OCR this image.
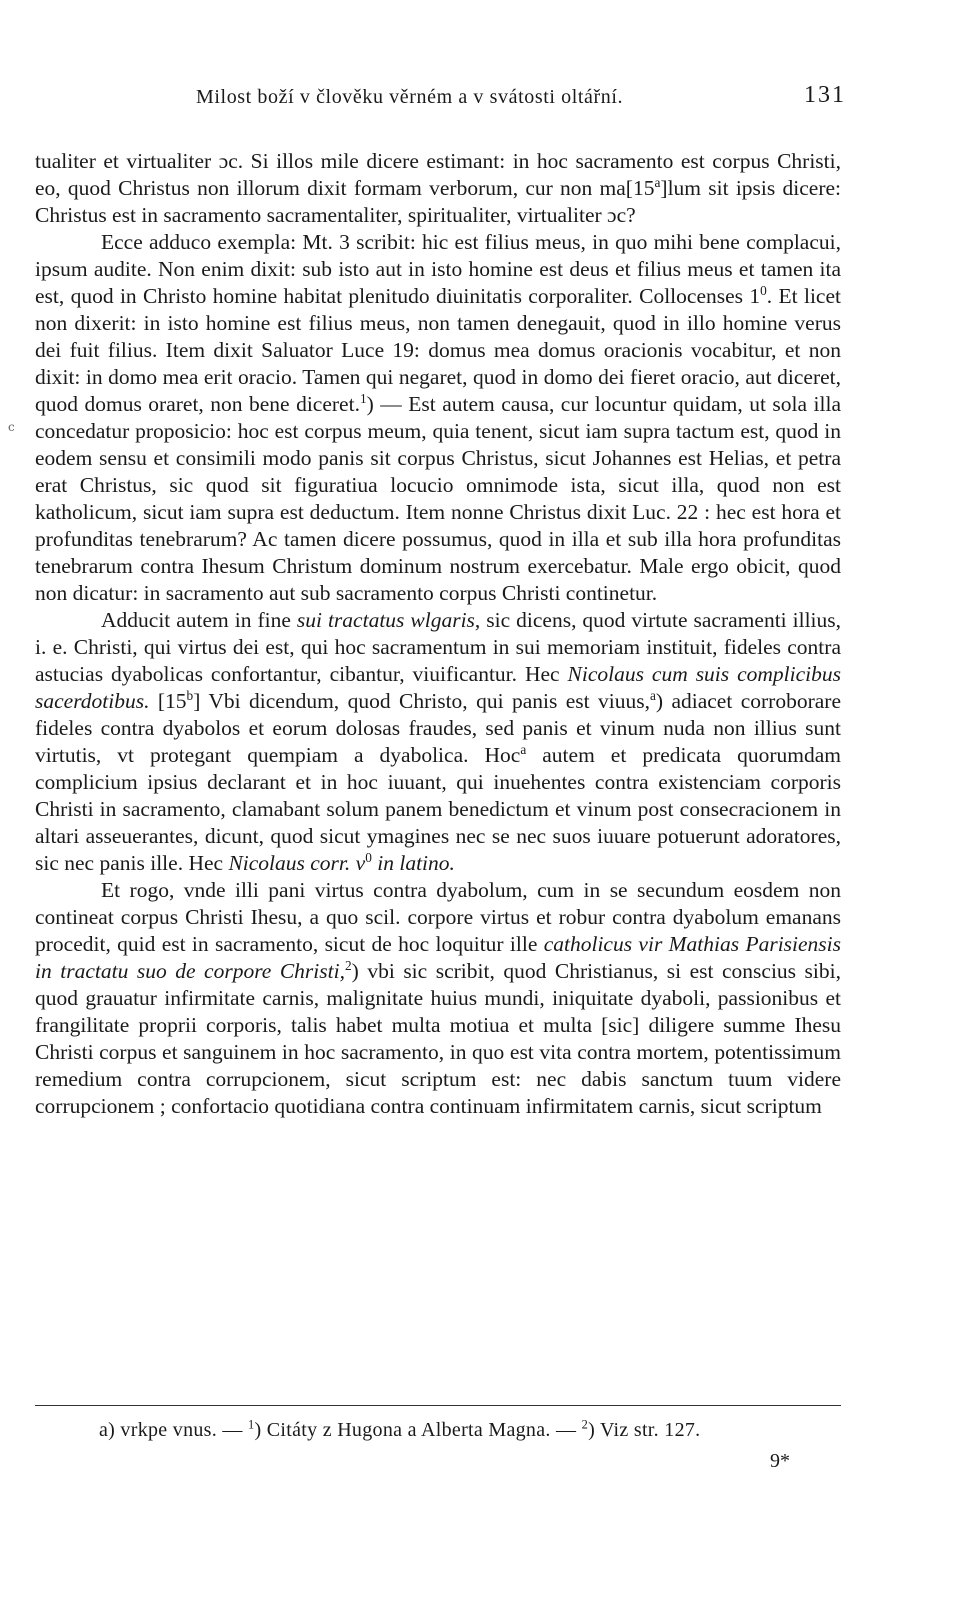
Milost boží v člověku věrném a v svátosti oltářní.	131
ⅽ

tualiter et virtualiter ɔc. Si illos mile dicere estimant: in hoc sacramento est corpus Christi, eo, quod Christus non illorum dixit formam verborum, cur non ma[15$^a$]lum sit ipsis dicere: Christus est in sacramento sacramentaliter, spiritualiter, virtualiter ɔc?

Ecce adduco exempla: Mt. 3 scribit: hic est filius meus, in quo mihi bene complacui, ipsum audite. Non enim dixit: sub isto aut in isto homine est deus et filius meus et tamen ita est, quod in Christo homine habitat plenitudo diuinitatis corporaliter. Collocenses $1^0$. Et licet non dixerit: in isto homine est filius meus, non tamen denegauit, quod in illo homine verus dei fuit filius. Item dixit Saluator Luce 19: domus mea domus oracionis vocabitur, et non dixit: in domo mea erit oracio. Tamen qui negaret, quod in domo dei fieret oracio, aut diceret, quod domus oraret, non bene diceret.$^1$) — Est autem causa, cur locuntur quidam, ut sola illa concedatur proposicio: hoc est corpus meum, quia tenent, sicut iam supra tactum est, quod in eodem sensu et consimili modo panis sit corpus Christus, sicut Johannes est Helias, et petra erat Christus, sic quod sit figuratiua locucio omnimode ista, sicut illa, quod non est katholicum, sicut iam supra est deductum. Item nonne Christus dixit Luc. 22 : hec est hora et profunditas tenebrarum? Ac tamen dicere possumus, quod in illa et sub illa hora profunditas tenebrarum contra Ihesum Christum dominum nostrum exercebatur. Male ergo obicit, quod non dicatur: in sacramento aut sub sacramento corpus Christi continetur.

Adducit autem in fine sui tractatus wlgaris, sic dicens, quod virtute sacramenti illius, i. e. Christi, qui virtus dei est, qui hoc sacramentum in sui memoriam instituit, fideles contra astucias dyabolicas confortantur, cibantur, viuificantur. Hec Nicolaus cum suis complicibus sacerdotibus. [15$^b$] Vbi dicendum, quod Christo, qui panis est viuus,$^a$) adiacet corroborare fideles contra dyabolos et eorum dolosas fraudes, sed panis et vinum nuda non illius sunt virtutis, vt protegant quempiam a dyabolica. Hoc$^a$ autem et predicata quorumdam complicium ipsius declarant et in hoc iuuant, qui inuehentes contra existenciam corporis Christi in sacramento, clamabant solum panem benedictum et vinum post consecracionem in altari asseuerantes, dicunt, quod sicut ymagines nec se nec suos iuuare potuerunt adoratores, sic nec panis ille. Hec Nicolaus corr. $v^0$ in latino.

Et rogo, vnde illi pani virtus contra dyabolum, cum in se secundum eosdem non contineat corpus Christi Ihesu, a quo scil. corpore virtus et robur contra dyabolum emanans procedit, quid est in sacramento, sicut de hoc loquitur ille catholicus vir Mathias Parisiensis in tractatu suo de corpore Christi,$^2$) vbi sic scribit, quod Christianus, si est conscius sibi, quod grauatur infirmitate carnis, malignitate huius mundi, iniquitate dyaboli, passionibus et frangilitate proprii corporis, talis habet multa motiua et multa [sic] diligere summe Ihesu Christi corpus et sanguinem in hoc sacramento, in quo est vita contra mortem, potentissimum remedium contra corrupcionem, sicut scriptum est: nec dabis sanctum tuum videre corrupcionem ; confortacio quotidiana contra continuam infirmitatem carnis, sicut scriptum

a) vrkpe vnus. — $^1$) Citáty z Hugona a Alberta Magna. — $^2$) Viz str. 127.
9*
